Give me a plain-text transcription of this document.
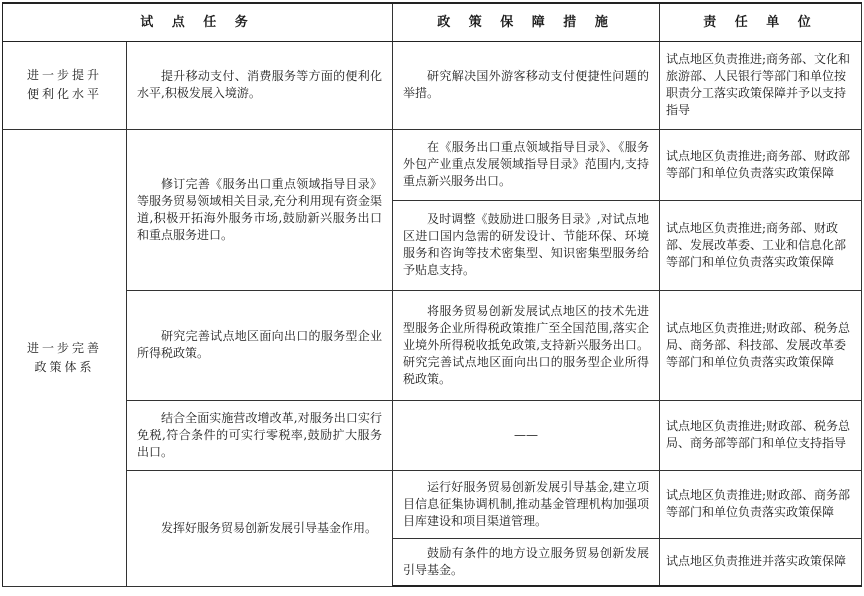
试 点 任 务		政 策 保 障 措 施	责 任 单 位
进一步提升
便利化水平	提升移动支付、消费服务等方面的便利化水平,积极发展入境游。	研究解决国外游客移动支付便捷性问题的举措。	试点地区负责推进;商务部、文化和旅游部、人民银行等部门和单位按职责分工落实政策保障并予以支持指导
进一步完善
政策体系	修订完善《服务出口重点领域指导目录》等服务贸易领域相关目录,充分利用现有资金渠道,积极开拓海外服务市场,鼓励新兴服务出口和重点服务进口。	在《服务出口重点领域指导目录》、《服务外包产业重点发展领域指导目录》范围内,支持重点新兴服务出口。	试点地区负责推进;商务部、财政部等部门和单位负责落实政策保障
		及时调整《鼓励进口服务目录》,对试点地区进口国内急需的研发设计、节能环保、环境服务和咨询等技术密集型、知识密集型服务给予贴息支持。	试点地区负责推进;商务部、财政部、发展改革委、工业和信息化部等部门和单位负责落实政策保障
	研究完善试点地区面向出口的服务型企业所得税政策。	将服务贸易创新发展试点地区的技术先进型服务企业所得税政策推广至全国范围,落实企业境外所得税收抵免政策,支持新兴服务出口。研究完善试点地区面向出口的服务型企业所得税政策。	试点地区负责推进;财政部、税务总局、商务部、科技部、发展改革委等部门和单位负责落实政策保障
	结合全面实施营改增改革,对服务出口实行免税,符合条件的可实行零税率,鼓励扩大服务出口。	——	试点地区负责推进;财政部、税务总局、商务部等部门和单位支持指导
	发挥好服务贸易创新发展引导基金作用。	运行好服务贸易创新发展引导基金,建立项目信息征集协调机制,推动基金管理机构加强项目库建设和项目渠道管理。	试点地区负责推进;财政部、商务部等部门和单位负责落实政策保障
		鼓励有条件的地方设立服务贸易创新发展引导基金。	试点地区负责推进并落实政策保障
